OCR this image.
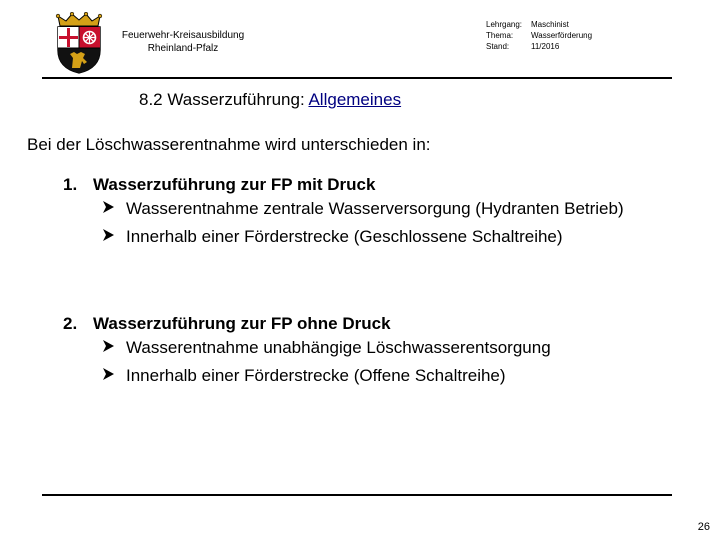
Feuerwehr-Kreisausbildung
Rheinland-Pfalz
Lehrgang:	Maschinist
Thema:	Wasserförderung
Stand:	11/2016
8.2 Wasserzuführung: Allgemeines
Bei der Löschwasserentnahme wird unterschieden in:
1. Wasserzuführung zur FP mit Druck
Wasserentnahme zentrale Wasserversorgung (Hydranten Betrieb)
Innerhalb einer Förderstrecke (Geschlossene Schaltreihe)
2. Wasserzuführung zur FP ohne Druck
Wasserentnahme unabhängige Löschwasserentsorgung
Innerhalb einer Förderstrecke (Offene Schaltreihe)
26
